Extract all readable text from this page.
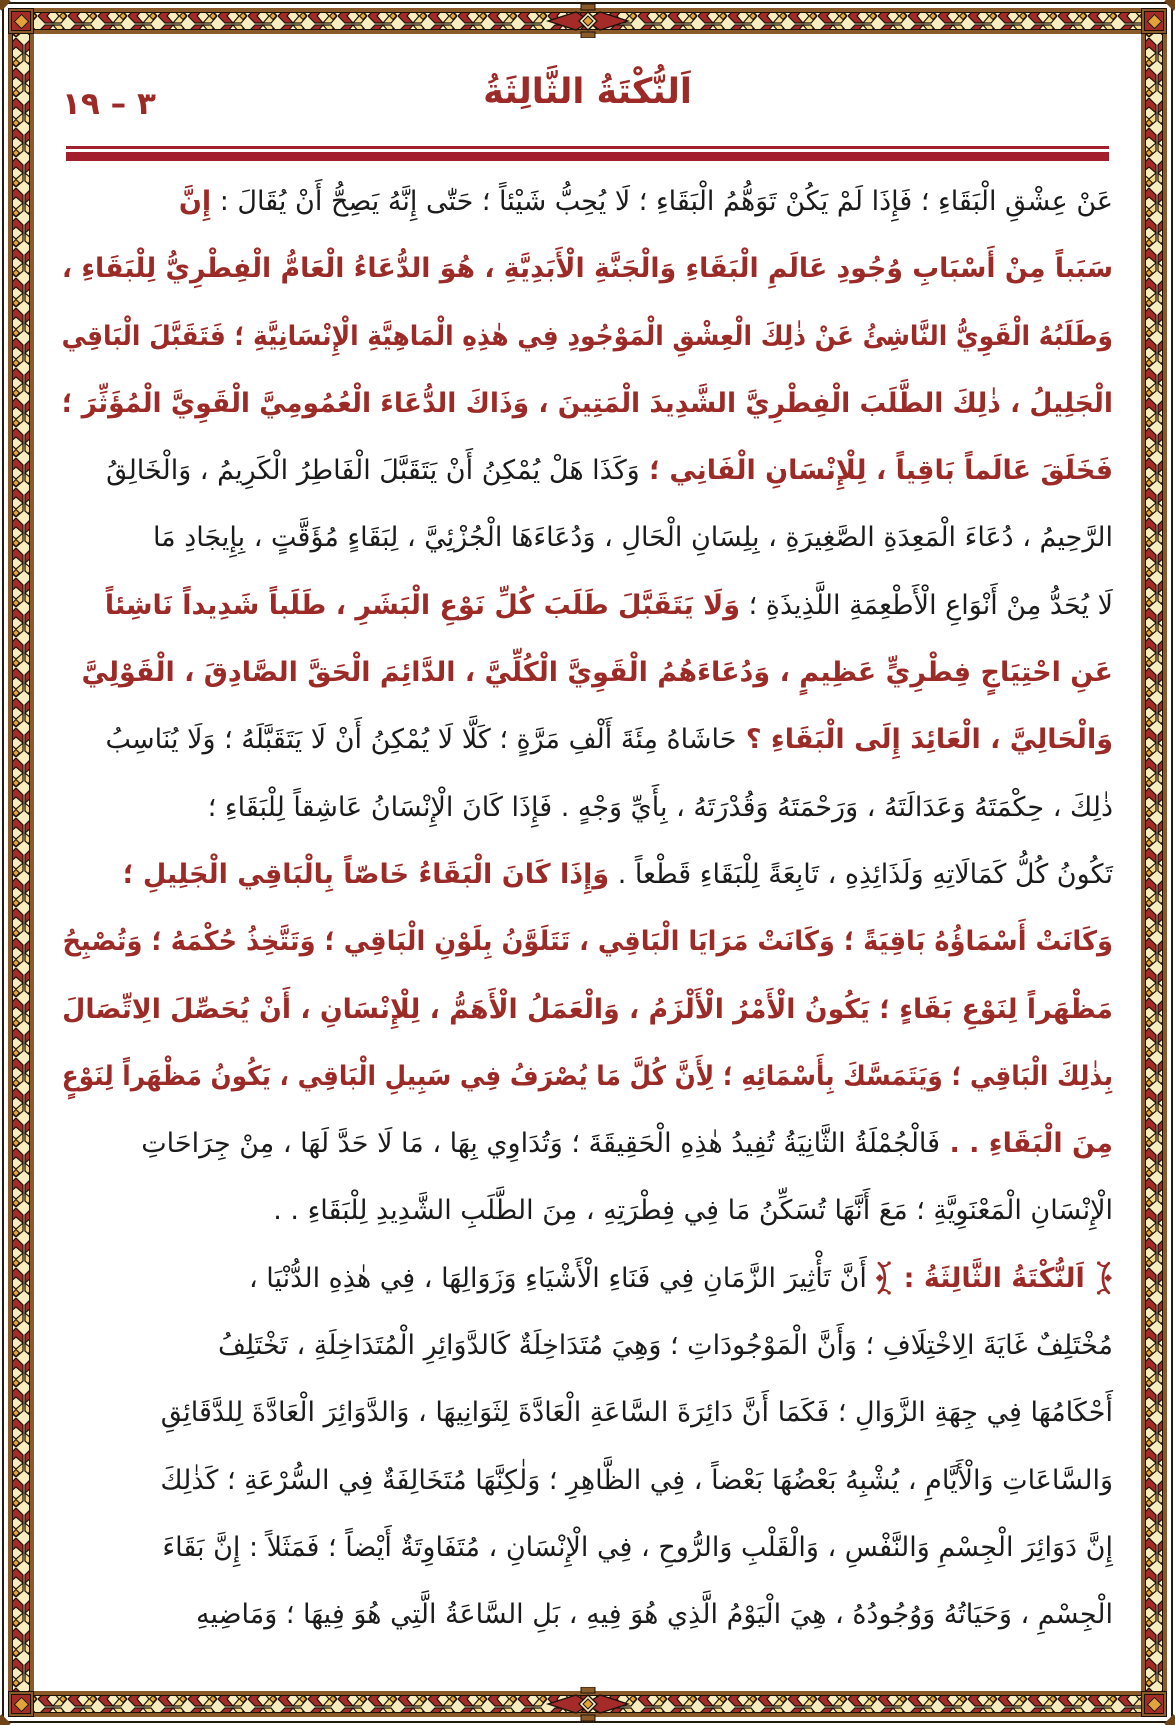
٣ – ١٩	اَلنُّكْتَةُ الثَّالِثَةُ
عَنْ عِشْقِ الْبَقَاءِ ؛ فَإِذَا لَمْ يَكُنْ تَوَهُّمُ الْبَقَاءِ ؛ لَا يُحِبُّ شَيْئاً ؛ حَتّٰى إِنَّهُ يَصِحُّ أَنْ يُقَالَ : إِنَّ
سَبَباً مِنْ أَسْبَابِ وُجُودِ عَالَمِ الْبَقَاءِ وَالْجَنَّةِ الْأَبَدِيَّةِ ، هُوَ الدُّعَاءُ الْعَامُّ الْفِطْرِيُّ لِلْبَقَاءِ ،
وَطَلَبُهُ الْقَوِيُّ النَّاشِئُ عَنْ ذٰلِكَ الْعِشْقِ الْمَوْجُودِ فِي هٰذِهِ الْمَاهِيَّةِ الْإِنْسَانِيَّةِ ؛ فَتَقَبَّلَ الْبَاقِي
الْجَلِيلُ ، ذٰلِكَ الطَّلَبَ الْفِطْرِيَّ الشَّدِيدَ الْمَتِينَ ، وَذَاكَ الدُّعَاءَ الْعُمُومِيَّ الْقَوِيَّ الْمُؤَثِّرَ ؛
فَخَلَقَ عَالَماً بَاقِياً ، لِلْإِنْسَانِ الْفَانِي ؛ وَكَذَا هَلْ يُمْكِنُ أَنْ يَتَقَبَّلَ الْفَاطِرُ الْكَرِيمُ ، وَالْخَالِقُ
الرَّحِيمُ ، دُعَاءَ الْمَعِدَةِ الصَّغِيرَةِ ، بِلِسَانِ الْحَالِ ، وَدُعَاءَهَا الْجُزْئِيَّ ، لِبَقَاءٍ مُؤَقَّتٍ ، بِإِيجَادِ مَا
لَا يُحَدُّ مِنْ أَنْوَاعِ الْأَطْعِمَةِ اللَّذِيذَةِ ؛ وَلَا يَتَقَبَّلَ طَلَبَ كُلِّ نَوْعِ الْبَشَرِ ، طَلَباً شَدِيداً نَاشِئاً
عَنِ احْتِيَاجٍ فِطْرِيٍّ عَظِيمٍ ، وَدُعَاءَهُمُ الْقَوِيَّ الْكُلِّيَّ ، الدَّائِمَ الْحَقَّ الصَّادِقَ ، الْقَوْلِيَّ
وَالْحَالِيَّ ، الْعَائِدَ إِلَى الْبَقَاءِ ؟ حَاشَاهُ مِئَةَ أَلْفِ مَرَّةٍ ؛ كَلَّا لَا يُمْكِنُ أَنْ لَا يَتَقَبَّلَهُ ؛ وَلَا يُنَاسِبُ
ذٰلِكَ ، حِكْمَتَهُ وَعَدَالَتَهُ ، وَرَحْمَتَهُ وَقُدْرَتَهُ ، بِأَيِّ وَجْهٍ . فَإِذَا كَانَ الْإِنْسَانُ عَاشِقاً لِلْبَقَاءِ ؛
تَكُونُ كُلُّ كَمَالَاتِهِ وَلَذَائِذِهِ ، تَابِعَةً لِلْبَقَاءِ قَطْعاً . وَإِذَا كَانَ الْبَقَاءُ خَاصّاً بِالْبَاقِي الْجَلِيلِ ؛
وَكَانَتْ أَسْمَاؤُهُ بَاقِيَةً ؛ وَكَانَتْ مَرَايَا الْبَاقِي ، تَتَلَوَّنُ بِلَوْنِ الْبَاقِي ؛ وَتَتَّخِذُ حُكْمَهُ ؛ وَتُصْبِحُ
مَظْهَراً لِنَوْعِ بَقَاءٍ ؛ يَكُونُ الْأَمْرُ الْأَلْزَمُ ، وَالْعَمَلُ الْأَهَمُّ ، لِلْإِنْسَانِ ، أَنْ يُحَصِّلَ الِاتِّصَالَ
بِذٰلِكَ الْبَاقِي ؛ وَيَتَمَسَّكَ بِأَسْمَائِهِ ؛ لِأَنَّ كُلَّ مَا يُصْرَفُ فِي سَبِيلِ الْبَاقِي ، يَكُونُ مَظْهَراً لِنَوْعٍ
مِنَ الْبَقَاءِ . . فَالْجُمْلَةُ الثَّانِيَةُ تُفِيدُ هٰذِهِ الْحَقِيقَةَ ؛ وَتُدَاوِي بِهَا ، مَا لَا حَدَّ لَهَا ، مِنْ جِرَاحَاتِ
الْإِنْسَانِ الْمَعْنَوِيَّةِ ؛ مَعَ أَنَّهَا تُسَكِّنُ مَا فِي فِطْرَتِهِ ، مِنَ الطَّلَبِ الشَّدِيدِ لِلْبَقَاءِ . .
اَلنُّكْتَةُ الثَّالِثَةُ :  أَنَّ تَأْثِيرَ الزَّمَانِ فِي فَنَاءِ الْأَشْيَاءِ وَزَوَالِهَا ، فِي هٰذِهِ الدُّنْيَا ،
مُخْتَلِفٌ غَايَةَ الِاخْتِلَافِ ؛ وَأَنَّ الْمَوْجُودَاتِ ؛ وَهِيَ مُتَدَاخِلَةٌ كَالدَّوَائِرِ الْمُتَدَاخِلَةِ ، تَخْتَلِفُ
أَحْكَامُهَا فِي جِهَةِ الزَّوَالِ ؛ فَكَمَا أَنَّ دَائِرَةَ السَّاعَةِ الْعَادَّةَ لِثَوَانِيهَا ، وَالدَّوَائِرَ الْعَادَّةَ لِلدَّقَائِقِ
وَالسَّاعَاتِ وَالْأَيَّامِ ، يُشْبِهُ بَعْضُهَا بَعْضاً ، فِي الظَّاهِرِ ؛ وَلٰكِنَّهَا مُتَخَالِفَةٌ فِي السُّرْعَةِ ؛ كَذٰلِكَ
إِنَّ دَوَائِرَ الْجِسْمِ وَالنَّفْسِ ، وَالْقَلْبِ وَالرُّوحِ ، فِي الْإِنْسَانِ ، مُتَفَاوِتَةٌ أَيْضاً ؛ فَمَثَلاً : إِنَّ بَقَاءَ
الْجِسْمِ ، وَحَيَاتُهُ وَوُجُودُهُ ، هِيَ الْيَوْمُ الَّذِي هُوَ فِيهِ ، بَلِ السَّاعَةُ الَّتِي هُوَ فِيهَا ؛ وَمَاضِيهِ
